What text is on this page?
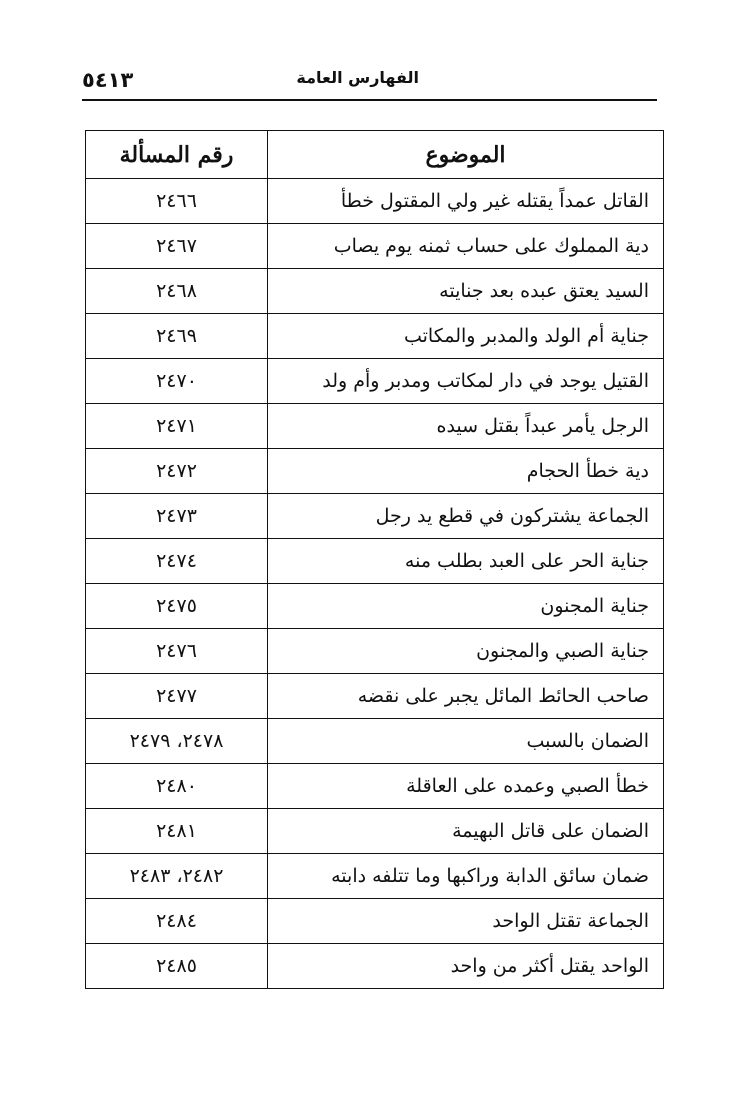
٥٤١٣	الفهارس العامة
الموضوع	رقم المسألة
القاتل عمداً يقتله غير ولي المقتول خطأ	٢٤٦٦
دية المملوك على حساب ثمنه يوم يصاب	٢٤٦٧
السيد يعتق عبده بعد جنايته	٢٤٦٨
جناية أم الولد والمدبر والمكاتب	٢٤٦٩
القتيل يوجد في دار لمكاتب ومدبر وأم ولد	٢٤٧٠
الرجل يأمر عبداً بقتل سيده	٢٤٧١
دية خطأ الحجام	٢٤٧٢
الجماعة يشتركون في قطع يد رجل	٢٤٧٣
جناية الحر على العبد بطلب منه	٢٤٧٤
جناية المجنون	٢٤٧٥
جناية الصبي والمجنون	٢٤٧٦
صاحب الحائط المائل يجبر على نقضه	٢٤٧٧
الضمان بالسبب	٢٤٧٨، ٢٤٧٩
خطأ الصبي وعمده على العاقلة	٢٤٨٠
الضمان على قاتل البهيمة	٢٤٨١
ضمان سائق الدابة وراكبها وما تتلفه دابته	٢٤٨٢، ٢٤٨٣
الجماعة تقتل الواحد	٢٤٨٤
الواحد يقتل أكثر من واحد	٢٤٨٥
